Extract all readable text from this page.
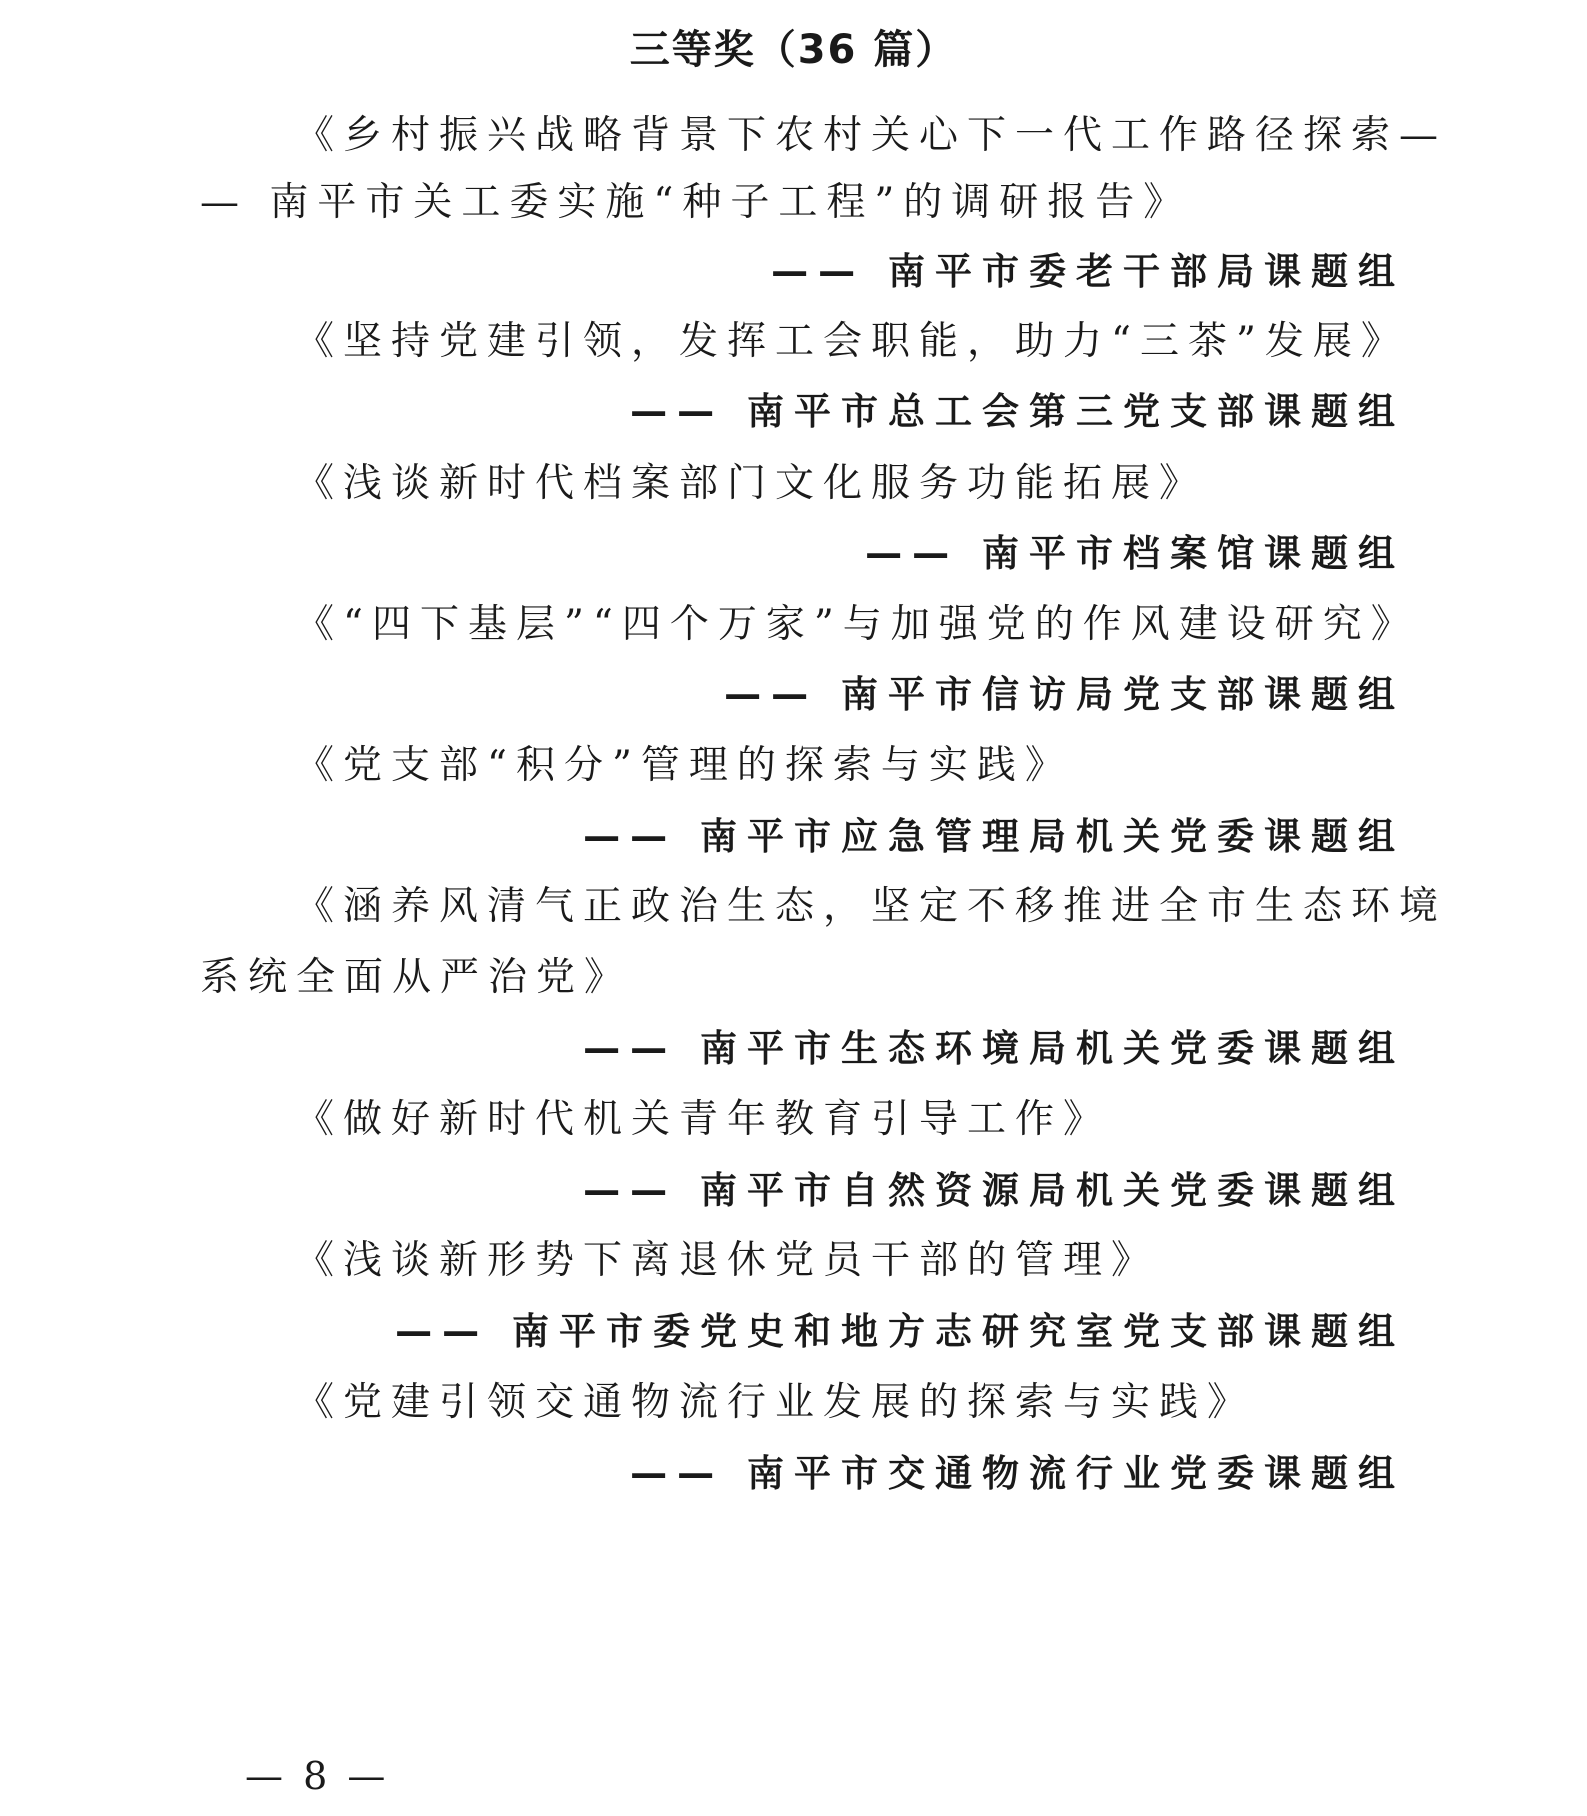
三等奖（36 篇）
《乡村振兴战略背景下农村关心下一代工作路径探索—
— 南平市关工委实施“种子工程”的调研报告》
—— 南平市委老干部局课题组
《坚持党建引领，发挥工会职能，助力“三茶”发展》
—— 南平市总工会第三党支部课题组
《浅谈新时代档案部门文化服务功能拓展》
—— 南平市档案馆课题组
《“四下基层”“四个万家”与加强党的作风建设研究》
—— 南平市信访局党支部课题组
《党支部“积分”管理的探索与实践》
—— 南平市应急管理局机关党委课题组
《涵养风清气正政治生态，坚定不移推进全市生态环境
系统全面从严治党》
—— 南平市生态环境局机关党委课题组
《做好新时代机关青年教育引导工作》
—— 南平市自然资源局机关党委课题组
《浅谈新形势下离退休党员干部的管理》
—— 南平市委党史和地方志研究室党支部课题组
《党建引领交通物流行业发展的探索与实践》
—— 南平市交通物流行业党委课题组
— 8 —
